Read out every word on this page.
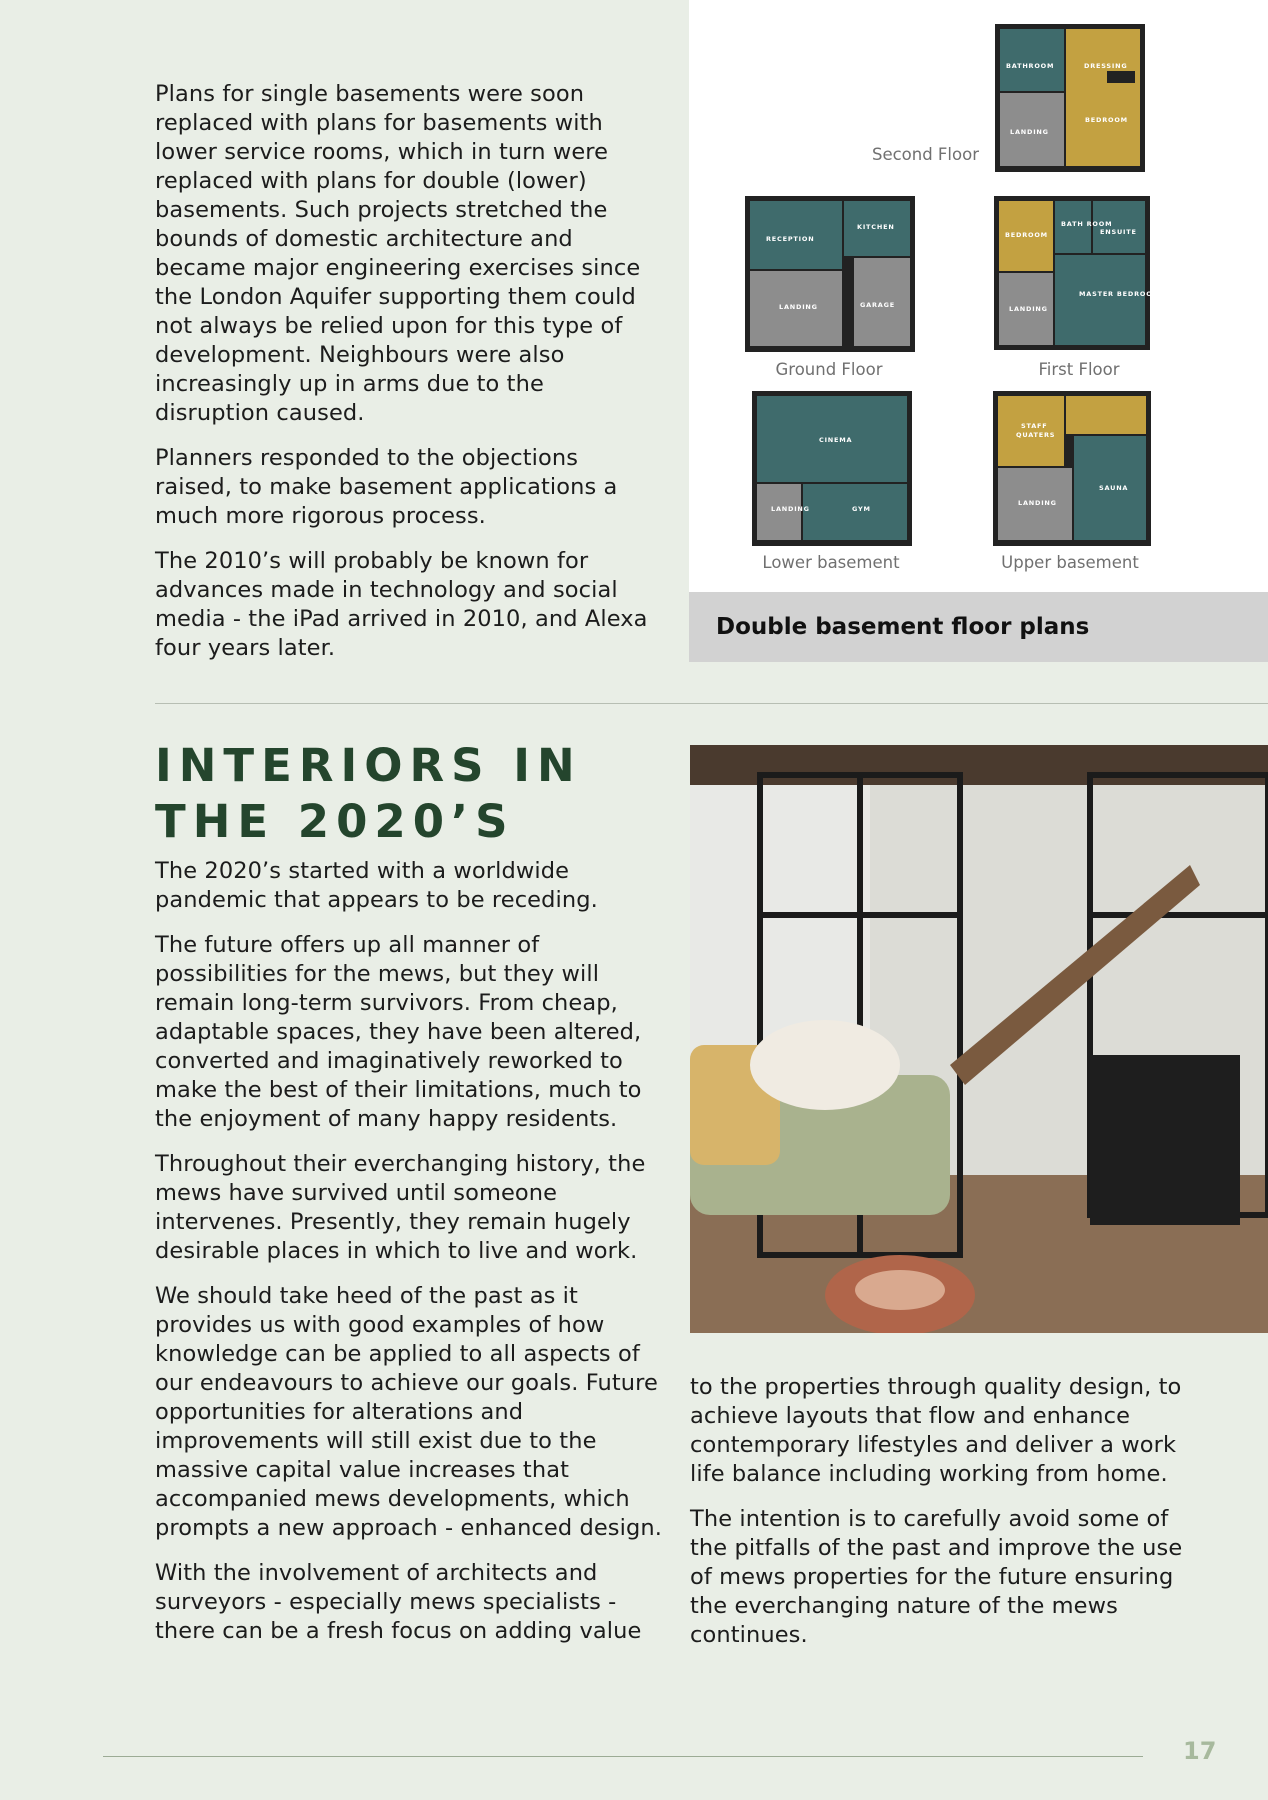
Plans for single basements were soon replaced with plans for basements with lower service rooms, which in turn were replaced with plans for double (lower) basements. Such projects stretched the bounds of domestic architecture and became major engineering exercises since the London Aquifer supporting them could not always be relied upon for this type of development. Neighbours were also increasingly up in arms due to the disruption caused.

Planners responded to the objections raised, to make basement applications a much more rigorous process.

The 2010’s will probably be known for advances made in technology and social media - the iPad arrived in 2010, and Alexa four years later.

BATHROOM	DRESSING
BEDROOM
LANDING
Second Floor
RECEPTION
KITCHEN
LANDING	GARAGE
Ground Floor
BEDROOM
BATH ROOM
ENSUITE
MASTER BEDROOM
LANDING
First Floor
CINEMA
LANDING	GYM
Lower basement
STAFF
QUATERS
SAUNA
LANDING
Upper basement
Double basement floor plans
INTERIORS IN
THE 2020’S

The 2020’s started with a worldwide pandemic that appears to be receding.

The future offers up all manner of possibilities for the mews, but they will remain long-term survivors. From cheap, adaptable spaces, they have been altered, converted and imaginatively reworked to make the best of their limitations, much to the enjoyment of many happy residents.

Throughout their everchanging history, the mews have survived until someone intervenes. Presently, they remain hugely desirable places in which to live and work.

We should take heed of the past as it provides us with good examples of how knowledge can be applied to all aspects of our endeavours to achieve our goals. Future opportunities for alterations and improvements will still exist due to the massive capital value increases that accompanied mews developments, which prompts a new approach - enhanced design.

With the involvement of architects and surveyors - especially mews specialists - there can be a fresh focus on adding value

to the properties through quality design, to achieve layouts that flow and enhance contemporary lifestyles and deliver a work life balance including working from home.

The intention is to carefully avoid some of the pitfalls of the past and improve the use of mews properties for the future ensuring the everchanging nature of the mews continues.

17
